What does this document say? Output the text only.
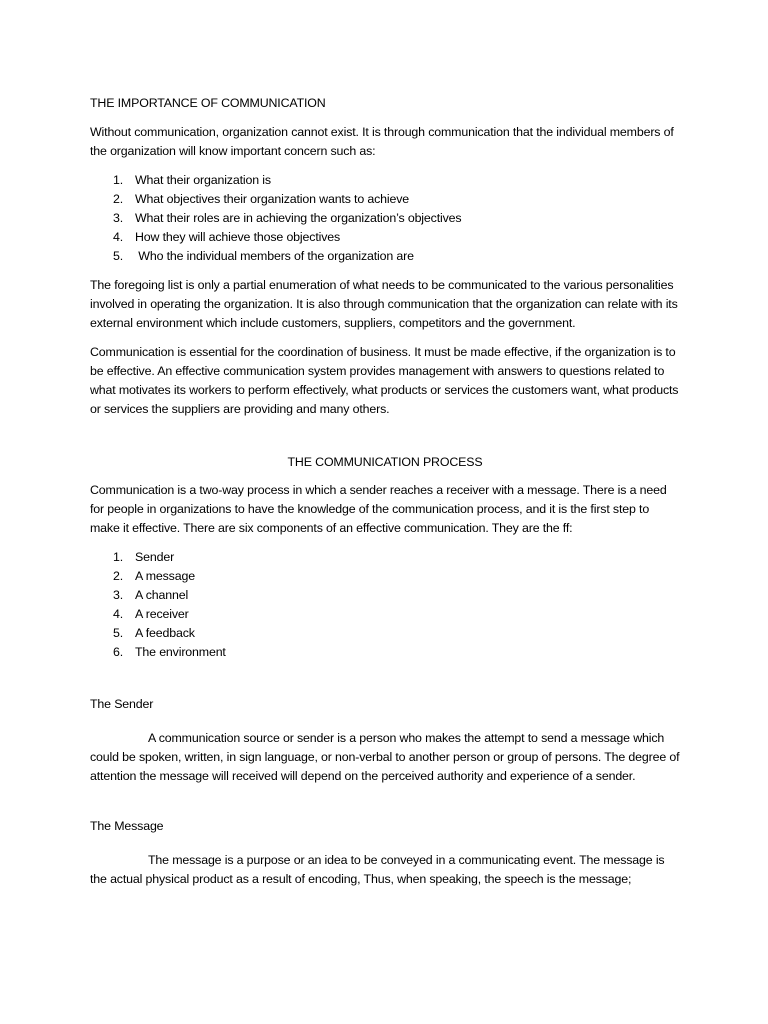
THE IMPORTANCE OF COMMUNICATION

Without communication, organization cannot exist. It is through communication that the individual members of the organization will know important concern such as:

1. What their organization is
2. What objectives their organization wants to achieve
3. What their roles are in achieving the organization’s objectives
4. How they will achieve those objectives
5. Who the individual members of the organization are

The foregoing list is only a partial enumeration of what needs to be communicated to the various personalities involved in operating the organization. It is also through communication that the organization can relate with its external environment which include customers, suppliers, competitors and the government.

Communication is essential for the coordination of business. It must be made effective, if the organization is to be effective. An effective communication system provides management with answers to questions related to what motivates its workers to perform effectively, what products or services the customers want, what products or services the suppliers are providing and many others.

THE COMMUNICATION PROCESS

Communication is a two-way process in which a sender reaches a receiver with a message. There is a need for people in organizations to have the knowledge of the communication process, and it is the first step to make it effective. There are six components of an effective communication. They are the ff:

1. Sender
2. A message
3. A channel
4. A receiver
5. A feedback
6. The environment
The Sender

A communication source or sender is a person who makes the attempt to send a message which could be spoken, written, in sign language, or non-verbal to another person or group of persons. The degree of attention the message will received will depend on the perceived authority and experience of a sender.

The Message

The message is a purpose or an idea to be conveyed in a communicating event. The message is the actual physical product as a result of encoding, Thus, when speaking, the speech is the message;
